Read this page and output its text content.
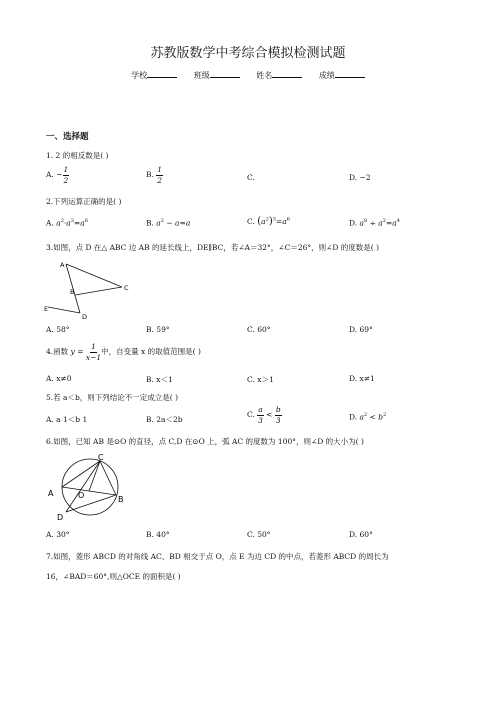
苏教版数学中考综合模拟检测试题
学校	班级	姓名	成绩
一、选择题
1. 2 的相反数是( )
A. − $\frac{1}{2}$	B. $\frac{1}{2}$	C.	D. −2
2.下列运算正确的是( )
A. $a^2\cdot a^3=a^6$	B. $a^2 - a=a$	C. $(a^2)^3=a^6$	D. $a^8 \div a^2=a^4$
3.如图，点 D 在△ ABC 边 AB 的延长线上，DE∥BC，若∠A＝32°，∠C＝26°，则∠D 的度数是( )
A
B	C
D
E
A. 58°	B. 59°	C. 60°	D. 69°
4.函数 $y = \frac{1}{x-1}$ 中，自变量 x 的取值范围是( )
A. x≠0	B. x＜1	C. x＞1	D. x≠1
5.若 a＜b，则下列结论不一定成立是( )
A. a 1＜b 1	B. 2a＜2b
C. $\frac{a}{3} < \frac{b}{3}$	D. $a^2 < b^2$
6.如图，已知 AB 是⊙O 的直径，点 C,D 在⊙O 上，弧 AC 的度数为 100°，则∠D 的大小为( )
A
B
C
D
O
A. 30°	B. 40°	C. 50°	D. 60°
7.如图，菱形 ABCD 的对角线 AC、BD 相交于点 O，点 E 为边 CD 的中点，若菱形 ABCD 的周长为
16，∠BAD＝60°,则△OCE 的面积是( )
